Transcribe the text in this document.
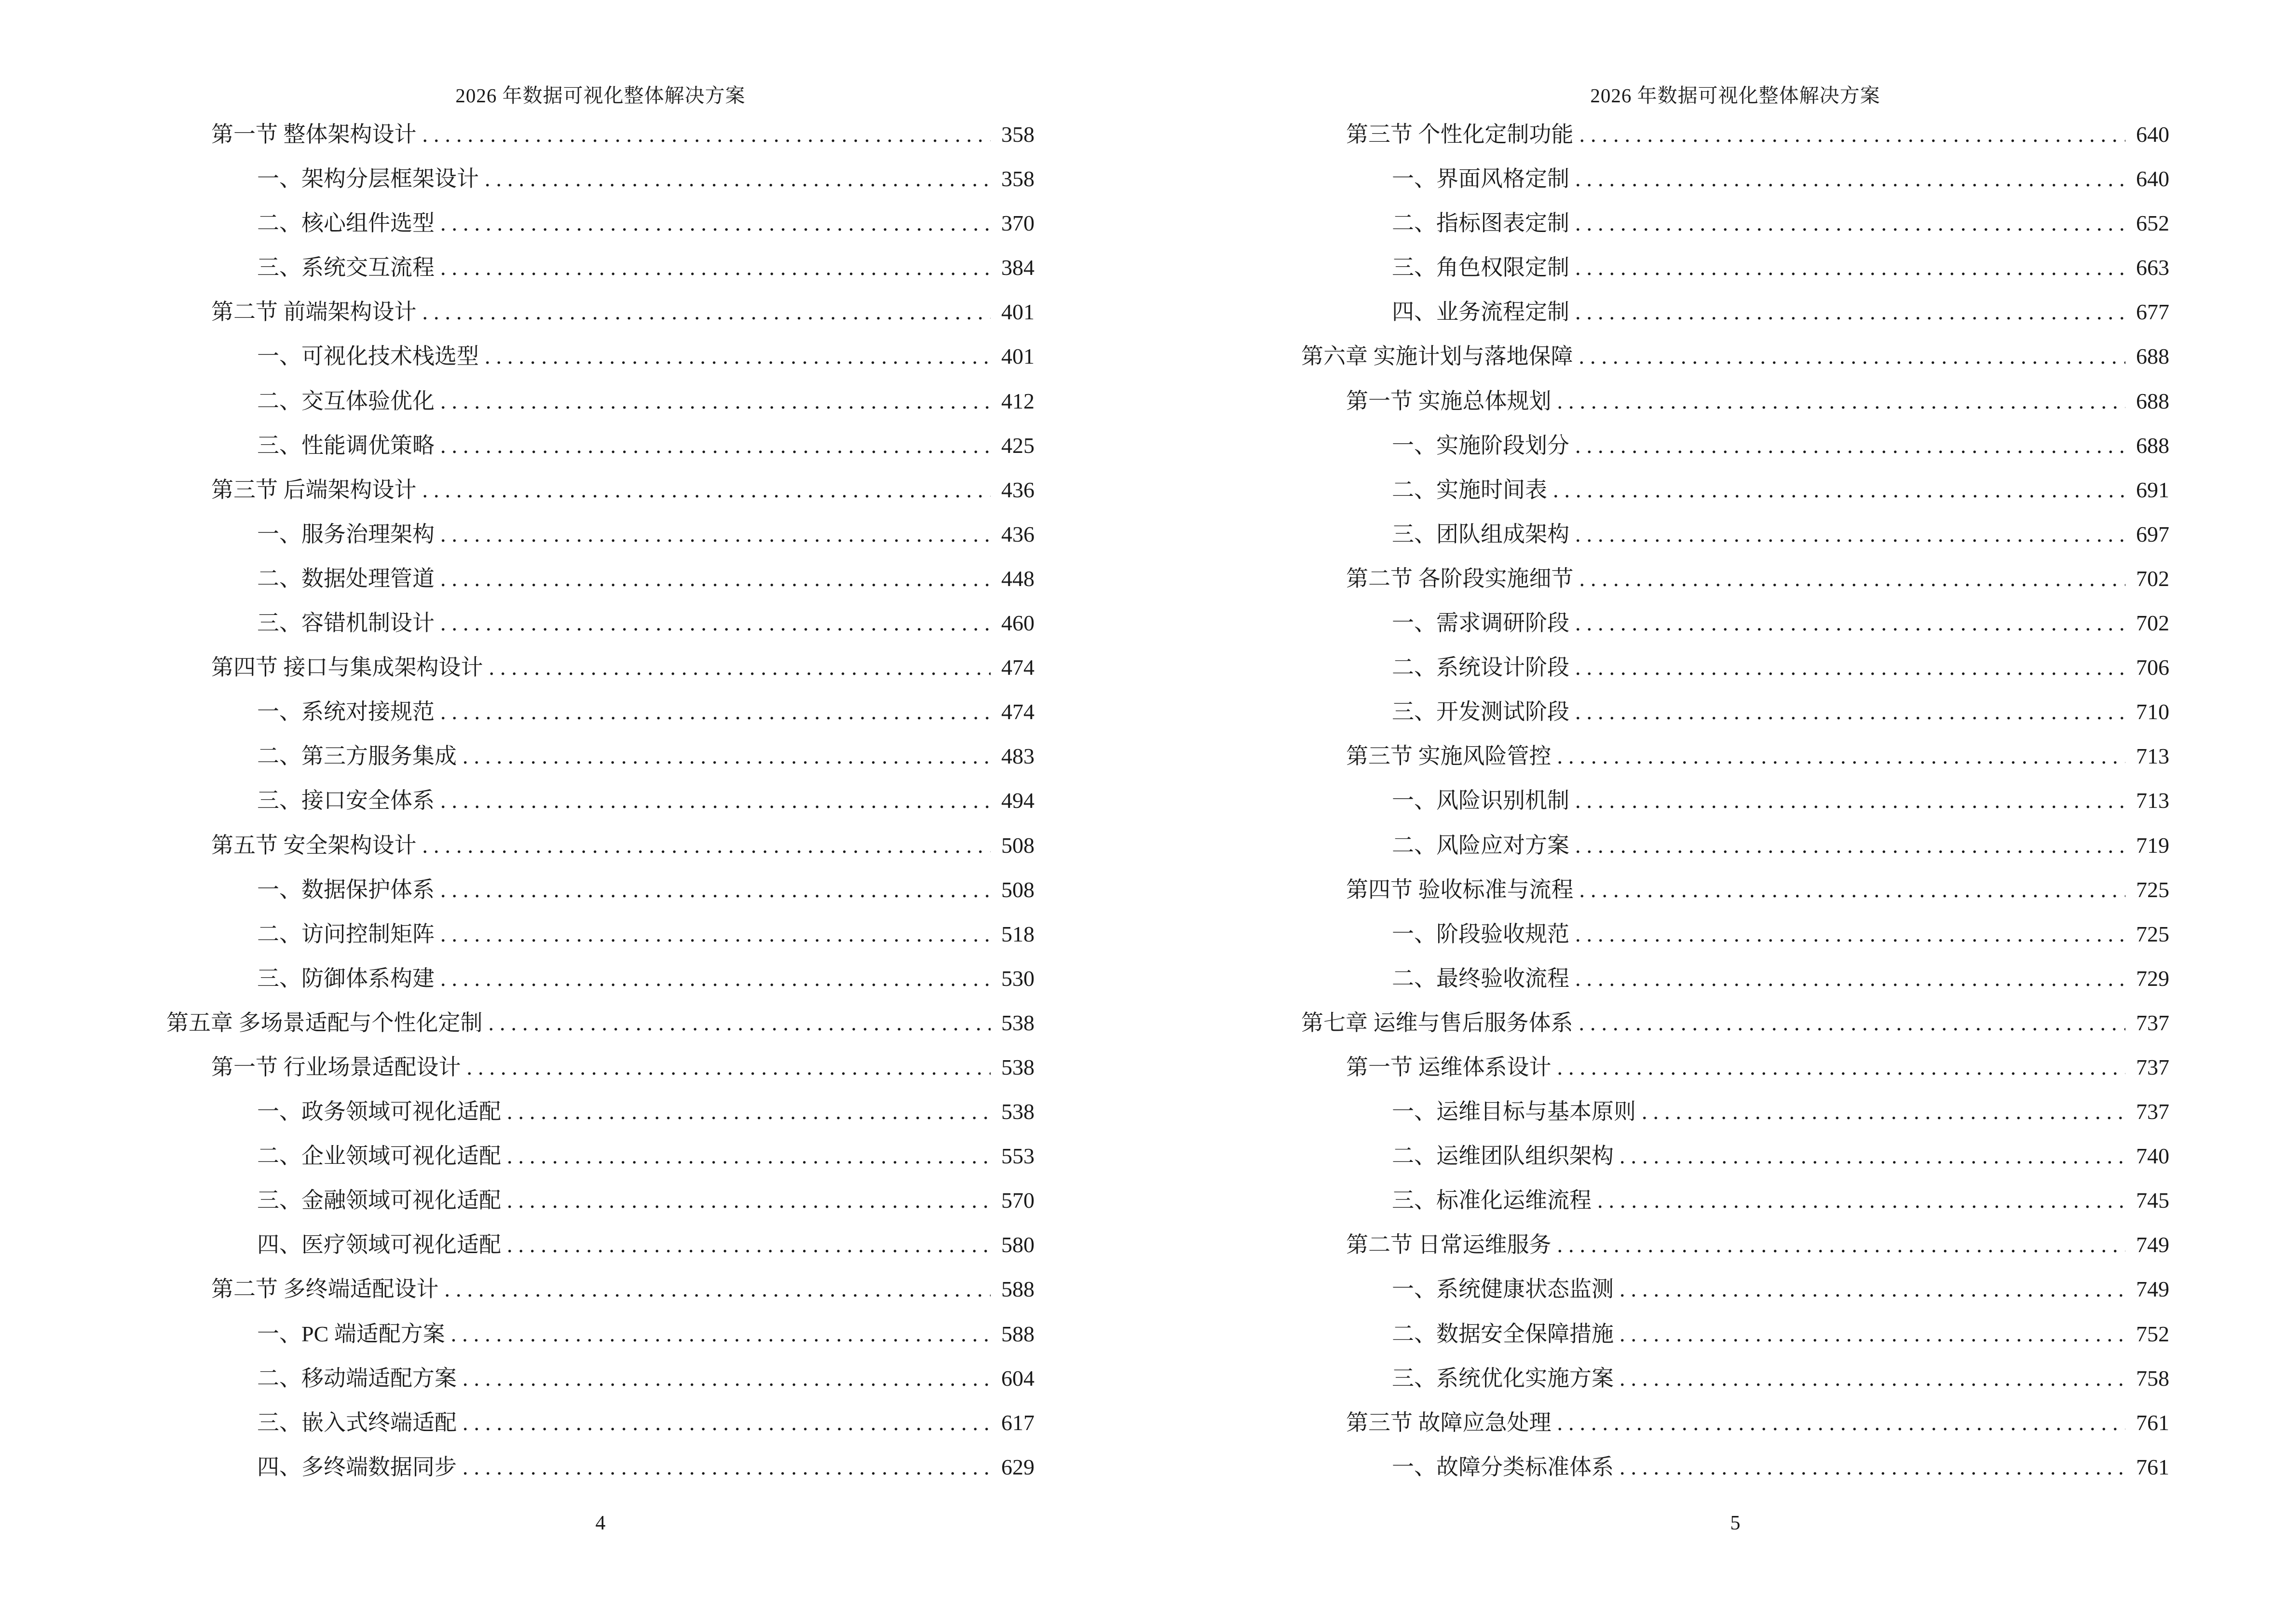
2026 年数据可视化整体解决方案
第一节 整体架构设计 .....	358
一、架构分层框架设计 .....	358
二、核心组件选型 .....	370
三、系统交互流程 .....	384
第二节 前端架构设计 .....	401
一、可视化技术栈选型 .....	401
二、交互体验优化 .....	412
三、性能调优策略 .....	425
第三节 后端架构设计 .....	436
一、服务治理架构 .....	436
二、数据处理管道 .....	448
三、容错机制设计 .....	460
第四节 接口与集成架构设计 .....	474
一、系统对接规范 .....	474
二、第三方服务集成 .....	483
三、接口安全体系 .....	494
第五节 安全架构设计 .....	508
一、数据保护体系 .....	508
二、访问控制矩阵 .....	518
三、防御体系构建 .....	530
第五章 多场景适配与个性化定制 .....	538
第一节 行业场景适配设计 .....	538
一、政务领域可视化适配 .....	538
二、企业领域可视化适配 .....	553
三、金融领域可视化适配 .....	570
四、医疗领域可视化适配 .....	580
第二节 多终端适配设计 .....	588
一、PC 端适配方案 .....	588
二、移动端适配方案 .....	604
三、嵌入式终端适配 .....	617
四、多终端数据同步 .....	629
4
2026 年数据可视化整体解决方案
第三节 个性化定制功能 .....	640
一、界面风格定制 .....	640
二、指标图表定制 .....	652
三、角色权限定制 .....	663
四、业务流程定制 .....	677
第六章 实施计划与落地保障 .....	688
第一节 实施总体规划 .....	688
一、实施阶段划分 .....	688
二、实施时间表 .....	691
三、团队组成架构 .....	697
第二节 各阶段实施细节 .....	702
一、需求调研阶段 .....	702
二、系统设计阶段 .....	706
三、开发测试阶段 .....	710
第三节 实施风险管控 .....	713
一、风险识别机制 .....	713
二、风险应对方案 .....	719
第四节 验收标准与流程 .....	725
一、阶段验收规范 .....	725
二、最终验收流程 .....	729
第七章 运维与售后服务体系 .....	737
第一节 运维体系设计 .....	737
一、运维目标与基本原则 .....	737
二、运维团队组织架构 .....	740
三、标准化运维流程 .....	745
第二节 日常运维服务 .....	749
一、系统健康状态监测 .....	749
二、数据安全保障措施 .....	752
三、系统优化实施方案 .....	758
第三节 故障应急处理 .....	761
一、故障分类标准体系 .....	761
5
